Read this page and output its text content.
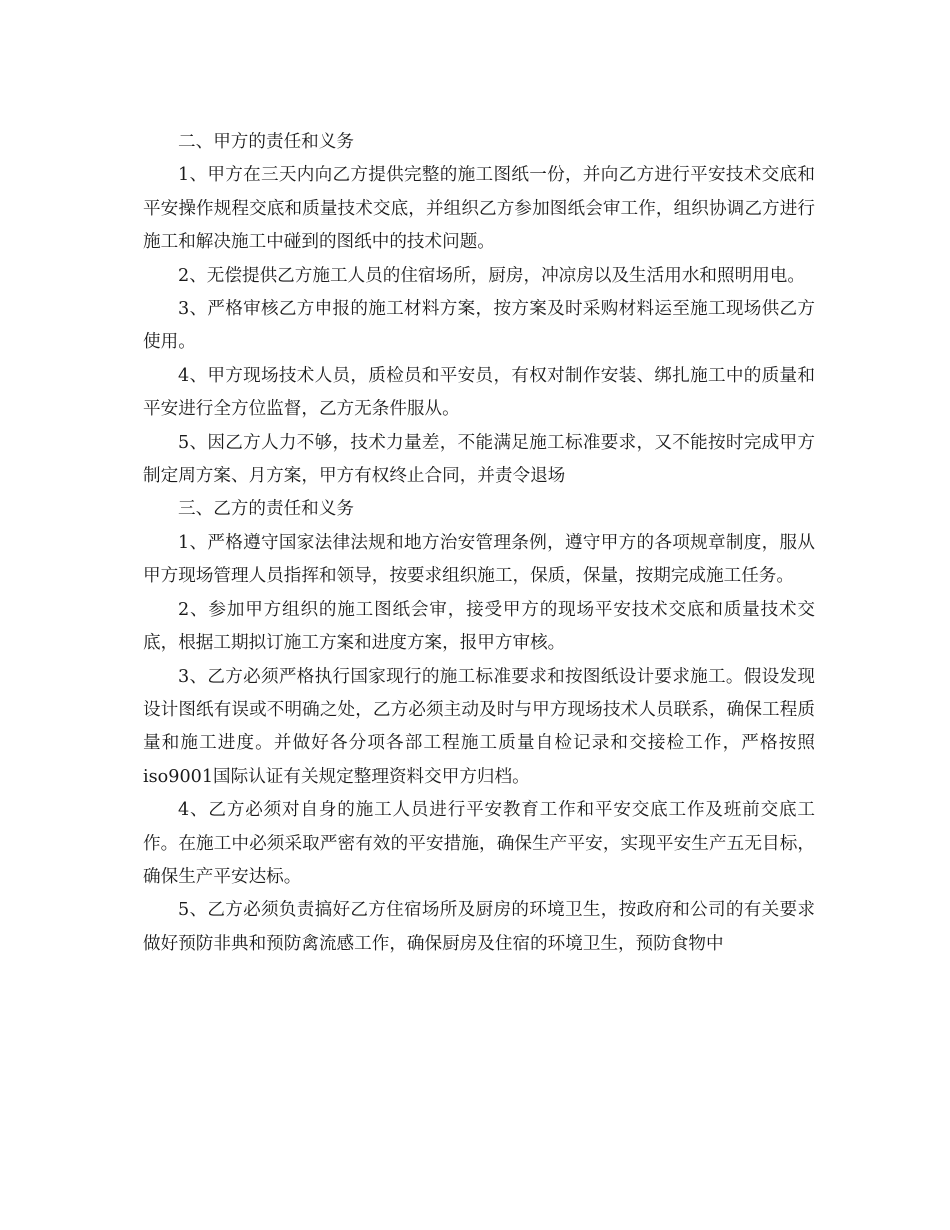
二、甲方的责任和义务

1、甲方在三天内向乙方提供完整的施工图纸一份，并向乙方进行平安技术交底和平安操作规程交底和质量技术交底，并组织乙方参加图纸会审工作，组织协调乙方进行施工和解决施工中碰到的图纸中的技术问题。

2、无偿提供乙方施工人员的住宿场所，厨房，冲凉房以及生活用水和照明用电。

3、严格审核乙方申报的施工材料方案，按方案及时采购材料运至施工现场供乙方使用。

4、甲方现场技术人员，质检员和平安员，有权对制作安装、绑扎施工中的质量和平安进行全方位监督，乙方无条件服从。

5、因乙方人力不够，技术力量差，不能满足施工标准要求，又不能按时完成甲方制定周方案、月方案，甲方有权终止合同，并责令退场

三、乙方的责任和义务

1、严格遵守国家法律法规和地方治安管理条例，遵守甲方的各项规章制度，服从甲方现场管理人员指挥和领导，按要求组织施工，保质，保量，按期完成施工任务。

2、参加甲方组织的施工图纸会审，接受甲方的现场平安技术交底和质量技术交底，根据工期拟订施工方案和进度方案，报甲方审核。

3、乙方必须严格执行国家现行的施工标准要求和按图纸设计要求施工。假设发现设计图纸有误或不明确之处，乙方必须主动及时与甲方现场技术人员联系，确保工程质量和施工进度。并做好各分项各部工程施工质量自检记录和交接检工作，严格按照iso9001国际认证有关规定整理资料交甲方归档。

4、乙方必须对自身的施工人员进行平安教育工作和平安交底工作及班前交底工作。在施工中必须采取严密有效的平安措施，确保生产平安，实现平安生产五无目标，确保生产平安达标。

5、乙方必须负责搞好乙方住宿场所及厨房的环境卫生，按政府和公司的有关要求做好预防非典和预防禽流感工作，确保厨房及住宿的环境卫生，预防食物中
